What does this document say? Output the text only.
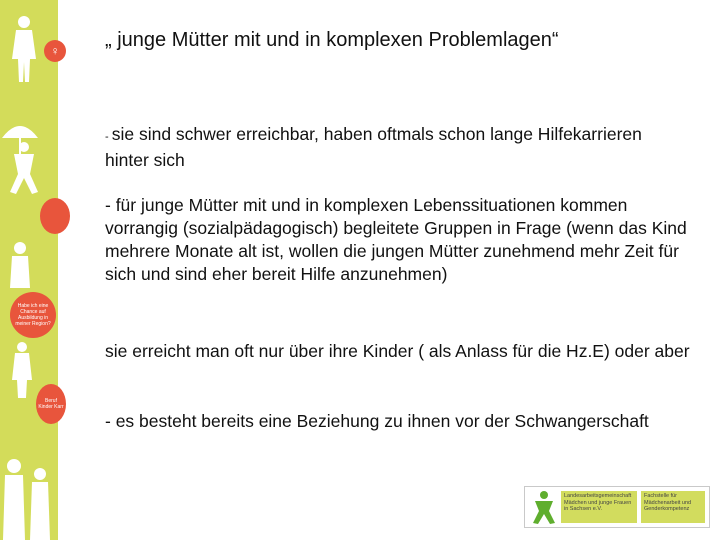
♀
Habe ich eine Chance auf Ausbildung in meiner Region?
Beruf Kinder Karr
„ junge Mütter mit und in komplexen Problemlagen“
- sie sind schwer erreichbar, haben oftmals schon lange Hilfekarrieren hinter sich
- für junge Mütter mit und in komplexen Lebenssituationen kommen vorrangig (sozialpädagogisch) begleitete Gruppen in Frage (wenn das Kind mehrere Monate alt ist, wollen die jungen Mütter zunehmend mehr Zeit für sich und sind eher bereit Hilfe anzunehmen)
sie erreicht man oft nur über ihre Kinder ( als Anlass für die Hz.E) oder aber
- es besteht bereits eine Beziehung zu ihnen vor der Schwangerschaft
Landesarbeitsgemeinschaft Mädchen und junge Frauen in Sachsen e.V.
Fachstelle für Mädchenarbeit und Genderkompetenz
